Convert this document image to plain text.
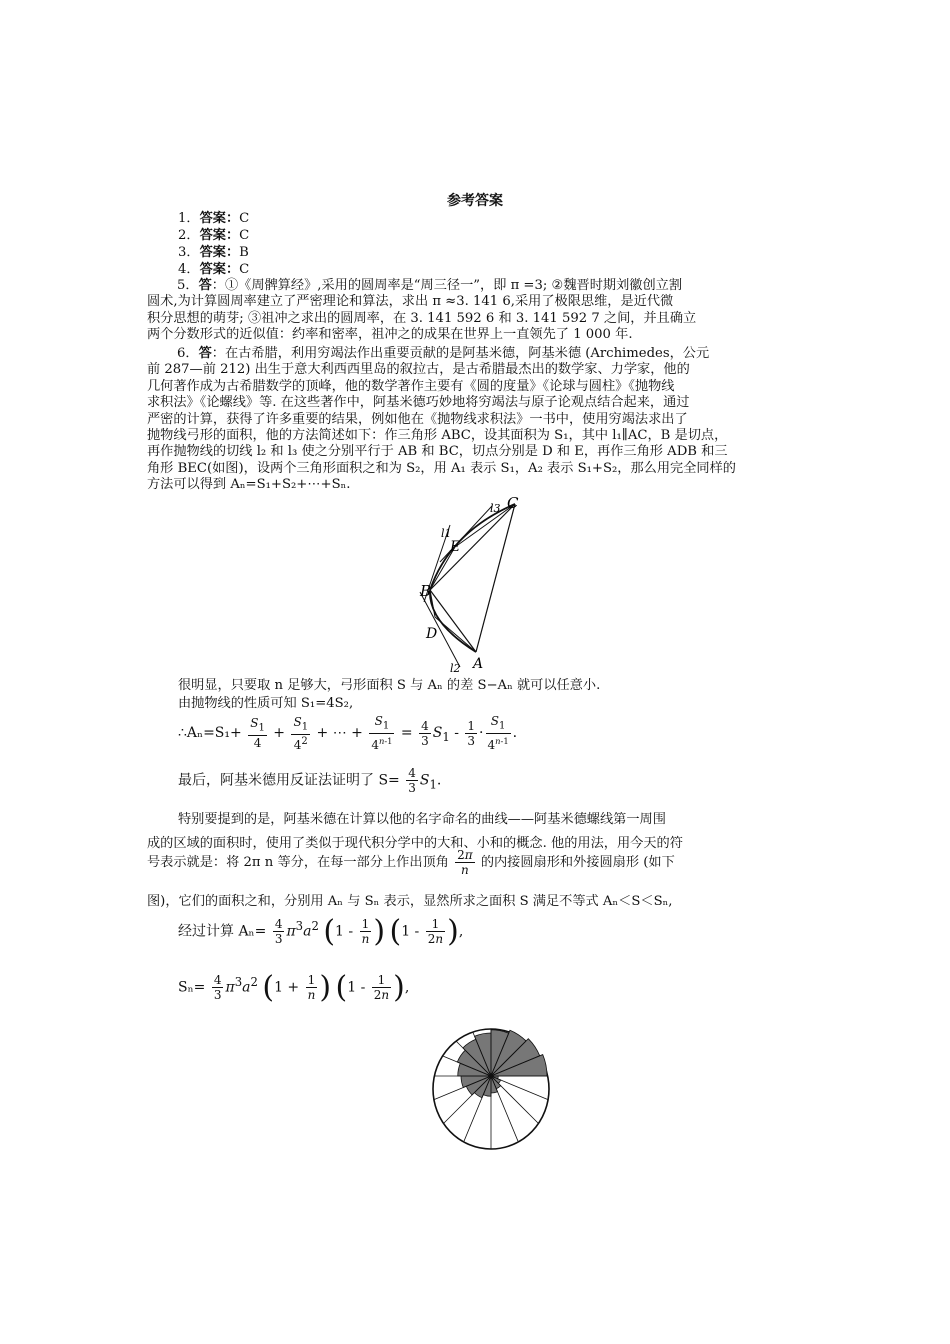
参考答案
1．答案：C
2．答案：C
3．答案：B
4．答案：C

5．答：①《周髀算经》,采用的圆周率是“周三径一”，即 π =3; ②魏晋时期刘徽创立割

圆术,为计算圆周率建立了严密理论和算法，求出 π ≈3. 141 6,采用了极限思维，是近代微

积分思想的萌芽; ③祖冲之求出的圆周率，在 3. 141 592 6 和 3. 141 592 7 之间，并且确立

两个分数形式的近似值：约率和密率，祖冲之的成果在世界上一直领先了 1 000 年.

6．答：在古希腊，利用穷竭法作出重要贡献的是阿基米德，阿基米德 (Archimedes，公元

前 287—前 212) 出生于意大利西西里岛的叙拉古，是古希腊最杰出的数学家、力学家，他的

几何著作成为古希腊数学的顶峰，他的数学著作主要有《圆的度量》《论球与圆柱》《抛物线

求积法》《论螺线》等. 在这些著作中，阿基米德巧妙地将穷竭法与原子论观点结合起来，通过

严密的计算，获得了许多重要的结果，例如他在《抛物线求积法》一书中，使用穷竭法求出了

抛物线弓形的面积，他的方法简述如下：作三角形 ABC，设其面积为 S₁，其中 l₁∥AC，B 是切点，

再作抛物线的切线 l₂ 和 l₃ 使之分别平行于 AB 和 BC，切点分别是 D 和 E，再作三角形 ADB 和三

角形 BEC(如图)，设两个三角形面积之和为 S₂，用 A₁ 表示 S₁，A₂ 表示 S₁+S₂，那么用完全同样的

方法可以得到 Aₙ=S₁+S₂+⋯+Sₙ.

C
l3
l1
E
B
D
l2 A
很明显，只要取 n 足够大，弓形面积 S 与 Aₙ 的差 S−Aₙ 就可以任意小.
由抛物线的性质可知 S₁=4S₂,
∴Aₙ=S₁+ $\frac{S_1}{4} + \frac{S_1}{4^2}$ + ⋯ + $\frac{S_1}{4^{n-1}} = \frac{4}{3} S_1 - \frac{1}{3} \cdot \frac{S_1}{4^{n-1}}$ .
最后，阿基米德用反证法证明了 $S= \frac{4}{3} S_1$.
特别要提到的是，阿基米德在计算以他的名字命名的曲线——阿基米德螺线第一周围
成的区域的面积时，使用了类似于现代积分学中的大和、小和的概念. 他的用法，用今天的符
号表示就是：将 2π n 等分，在每一部分上作出顶角 $\frac{2\pi}{n}$ 的内接圆扇形和外接圆扇形 (如下
图)，它们的面积之和，分别用 Aₙ 与 Sₙ 表示，显然所求之面积 S 满足不等式 Aₙ＜S＜Sₙ,
经过计算 $A_n= \frac{4}{3} \pi^3a^2$ ($1 - \frac{1}{n}$ ) ($1 - \frac{1}{2n}$ ),
$S_n= \frac{4}{3} \pi^3a^2$ ($1 + \frac{1}{n}$ ) ($1 - \frac{1}{2n}$ ),
